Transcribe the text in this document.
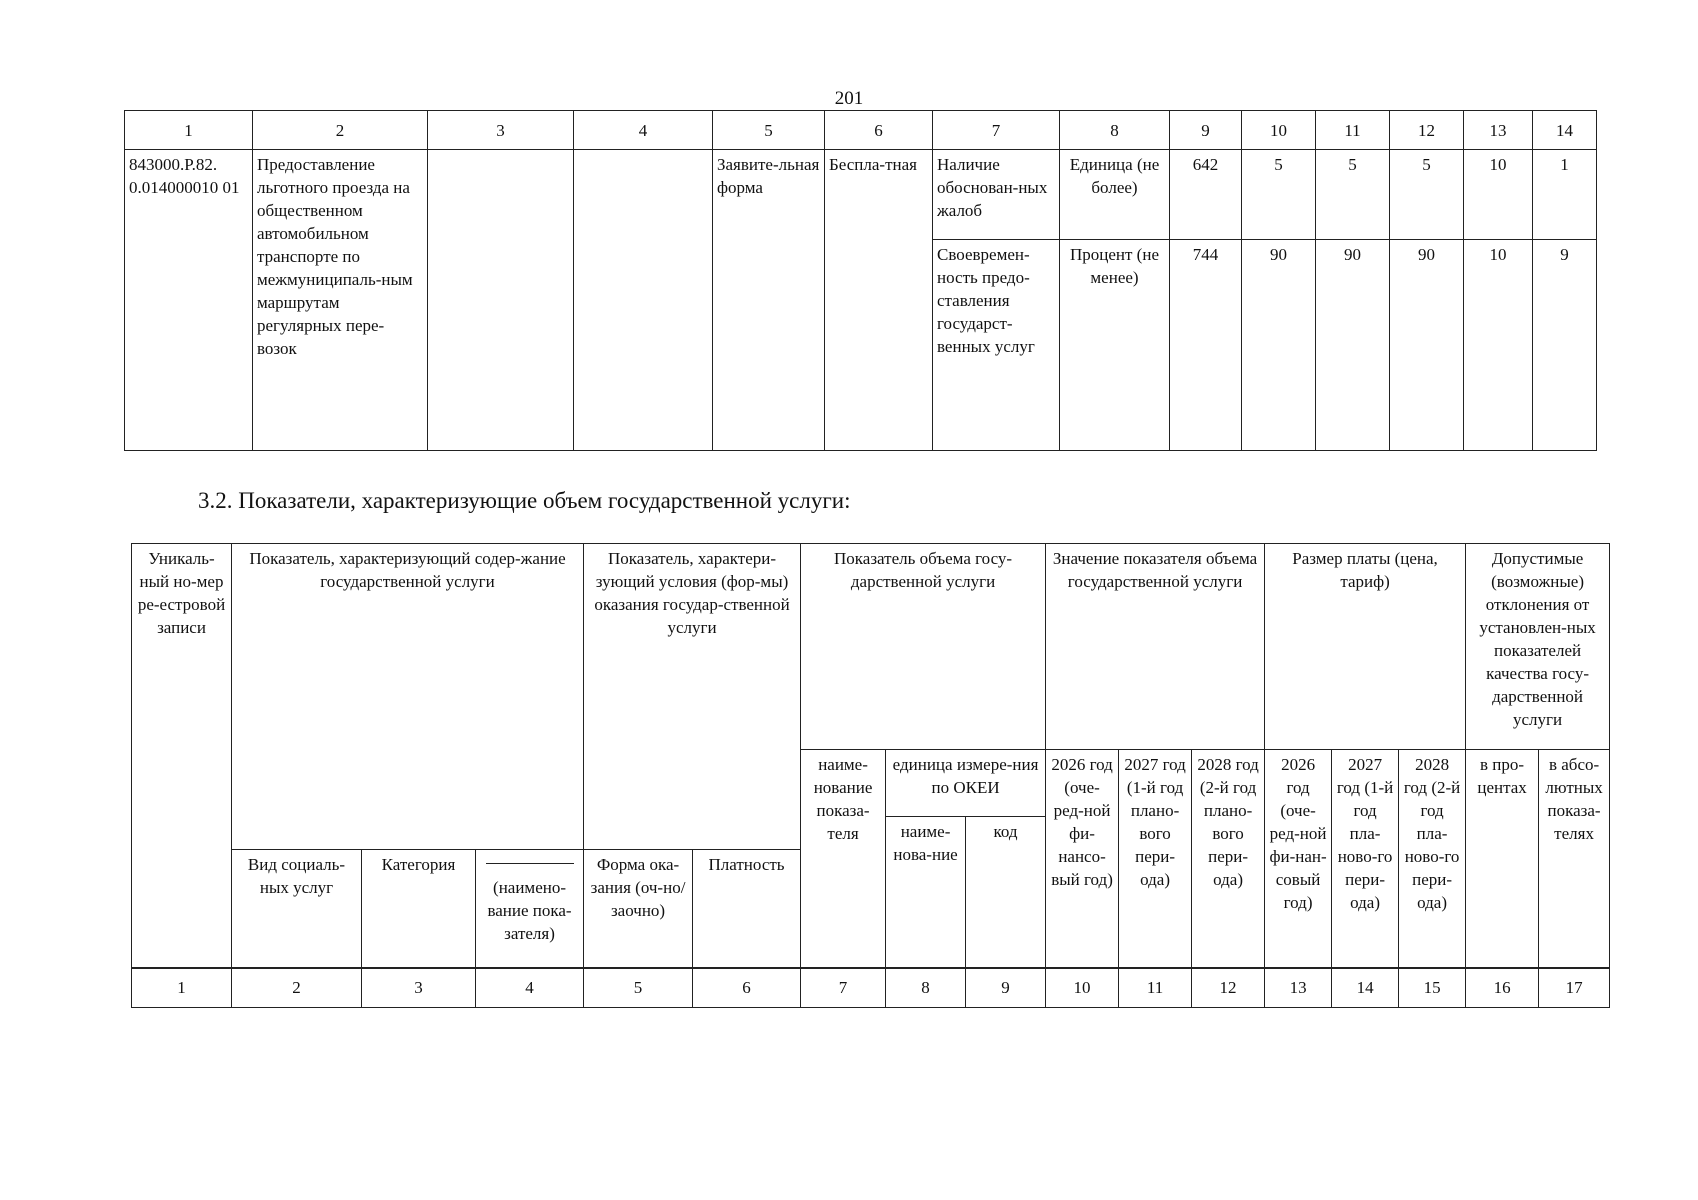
201
1	2	3	4	5	6	7	8	9	10	11	12	13	14
843000.Р.82. 0.014000010 01	Предоставление льготного проезда на общественном автомобильном транспорте по межмуниципаль-ным маршрутам регулярных пере-возок			Заявите-льная форма	Беспла-тная	Наличие обоснован-ных жалоб	Единица (не более)	642	5	5	5	10	1
						Своевремен-ность предо-ставления государст-венных услуг	Процент (не менее)	744	90	90	90	10	9
3.2. Показатели, характеризующие объем государственной услуги:
Уникаль-ный но-мер ре-естровой записи	Показатель, характеризующий содер-жание государственной услуги			Показатель, характери-зующий условия (фор-мы) оказания государ-ственной услуги		Показатель объема госу-дарственной услуги			Значение показателя объема государственной услуги			Размер платы (цена, тариф)			Допустимые (возможные) отклонения от установлен-ных показателей качества госу-дарственной услуги	
						наиме-нование показа-теля	единица измере-ния по ОКЕИ		2026 год (оче-ред-ной фи-нансо-вый год)	2027 год (1-й год плано-вого пери-ода)	2028 год (2-й год плано-вого пери-ода)	2026 год (оче-ред-ной фи-нан-совый год)	2027 год (1-й год пла-ново-го пери-ода)	2028 год (2-й год пла-ново-го пери-ода)	в про-центах	в абсо-лютных показа-телях
							наиме-нова-ние	код								
	Вид социаль-ных услуг	Категория	(наимено-вание пока-зателя)	Форма ока-зания (оч-но/заочно)	Платность											
1	2	3	4	5	6	7	8	9	10	11	12	13	14	15	16	17
